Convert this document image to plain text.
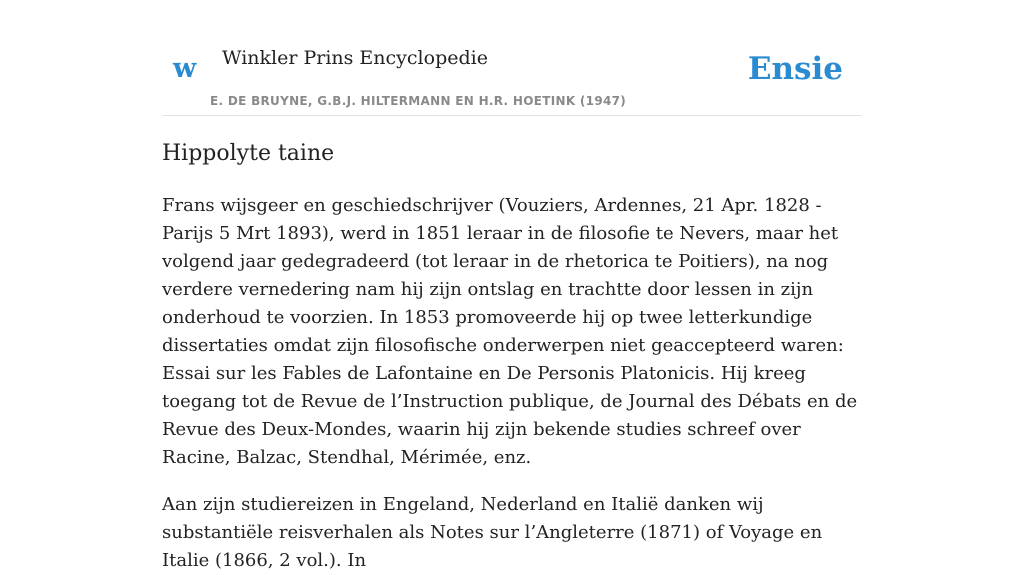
w Winkler Prins Encyclopedie
E. DE BRUYNE, G.B.J. HILTERMANN EN H.R. HOETINK (1947)
Ensie
Hippolyte taine

Frans wijsgeer en geschiedschrijver (Vouziers, Ardennes, 21 Apr. 1828 - Parijs 5 Mrt 1893), werd in 1851 leraar in de filosofie te Nevers, maar het volgend jaar gedegradeerd (tot leraar in de rhetorica te Poitiers), na nog verdere vernedering nam hij zijn ontslag en trachtte door lessen in zijn onderhoud te voorzien. In 1853 promoveerde hij op twee letterkundige dissertaties omdat zijn filosofische onderwerpen niet geaccepteerd waren: Essai sur les Fables de Lafontaine en De Personis Platonicis. Hij kreeg toegang tot de Revue de l’Instruction publique, de Journal des Débats en de Revue des Deux-Mondes, waarin hij zijn bekende studies schreef over Racine, Balzac, Stendhal, Mérimée, enz.

Aan zijn studiereizen in Engeland, Nederland en Italië danken wij substantiële reisverhalen als Notes sur l’Angleterre (1871) of Voyage en Italie (1866, 2 vol.). In
